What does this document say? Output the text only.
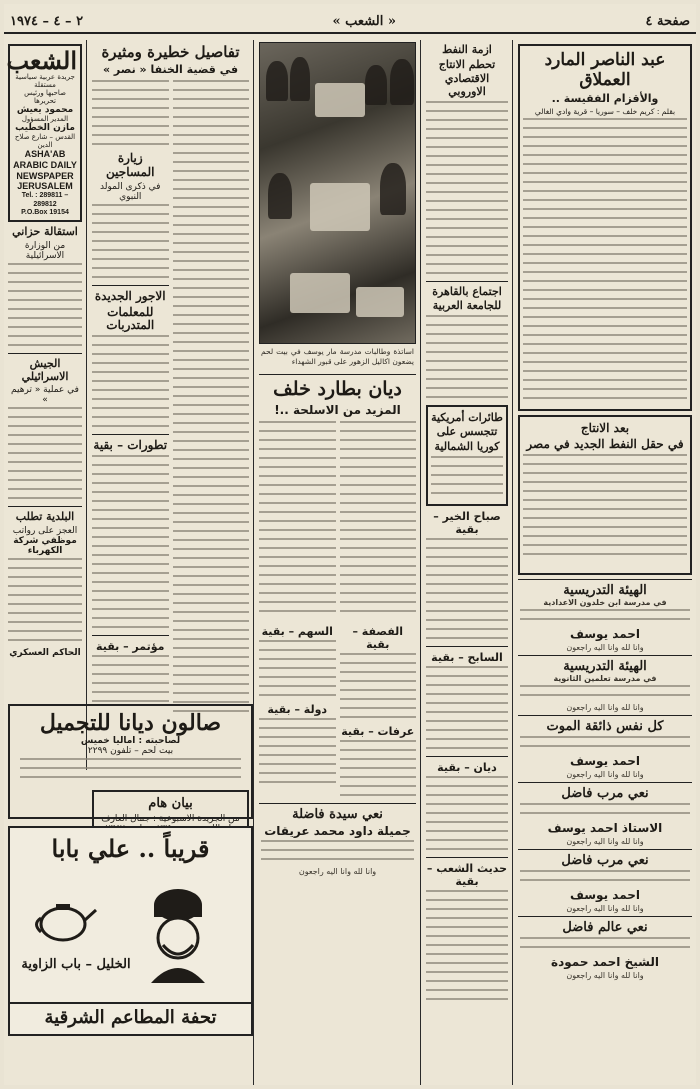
صفحة ٤
« الشعب »
٢ – ٤ – ١٩٧٤
عبد الناصر المارد العملاق
والأقزام الفقيسة ..
بقلم : كريم خلف – سوريا – قرية وادي الغالي
بعد الانتاج
في حقل النفط الجديد في مصر
الهيئة التدريسية
في مدرسة ابن خلدون الاعدادية
احمد يوسف
وانا لله وانا اليه راجعون
الهيئة التدريسية
في مدرسة تعلمين الثانوية
وانا لله وانا اليه راجعون
كل نفس ذائقة الموت
احمد يوسف
وانا لله وانا اليه راجعون
نعي مرب فاضل
الاستاذ احمد يوسف
وانا لله وانا اليه راجعون
نعي مرب فاضل
احمد يوسف
وانا لله وانا اليه راجعون
نعي عالم فاضل
الشيخ احمد حمودة
وانا لله وانا اليه راجعون
ازمة النفط
تحطم الانتاج
الاقتصادي الاوروبي
اجتماع بالقاهرة
للجامعة العربية
طائرات أمريكية
تتجسس على
كوريا الشمالية
صباح الخير – بقية
السابح – بقية
ديان – بقية
حديث الشعب – بقية
اساتذة وطالبات مدرسة مار يوسف في بيت لحم يضعون اكاليل الزهور على قبور الشهداء
ديان بطارد خلف
المزيد من الاسلحة ..!
الفصفة – بقية
عرفات – بقية
السهم – بقية
دولة – بقية
نعي سيدة فاضلة
جميلة داود محمد عريقات
وانا لله وانا اليه راجعون
تفاصيل خطيرة ومثيرة
في قضية الخنفا « نصر »
زيارة المساجين
في ذكرى المولد النبوي
الاجور الجديدة
للمعلمات المتدربات
تطورات – بقية
مؤتمر – بقية
بيان هام
من الجريدة الاسبوعية : جمال العارف
الشعب
جريدة عربية سياسية مستقلة
صاحبها ورئيس تحريرها
محمود يعيش
المدير المسؤول
مازن الخطيب
القدس – شارع صلاح الدين
ASHA'AB
ARABIC DAILY
NEWSPAPER
JERUSALEM
Tel. : 289811 – 289812
P.O.Box 19154
استقالة حزاني
من الوزارة الاسرائيلية
الجيش الاسرائيلي
في عملية « ترهيم »
البلدية تطلب
العجز على رواتب
موظفي شركة الكهرباء
الحاكم العسكري
صالون ديانا للتجميل
لصاحبته : اماليا خميس
بيت لحم – تلفون ٢٢٩٩
قريباً .. علي بابا
الخليل – باب الزاوية
تحفة المطاعم الشرقية
